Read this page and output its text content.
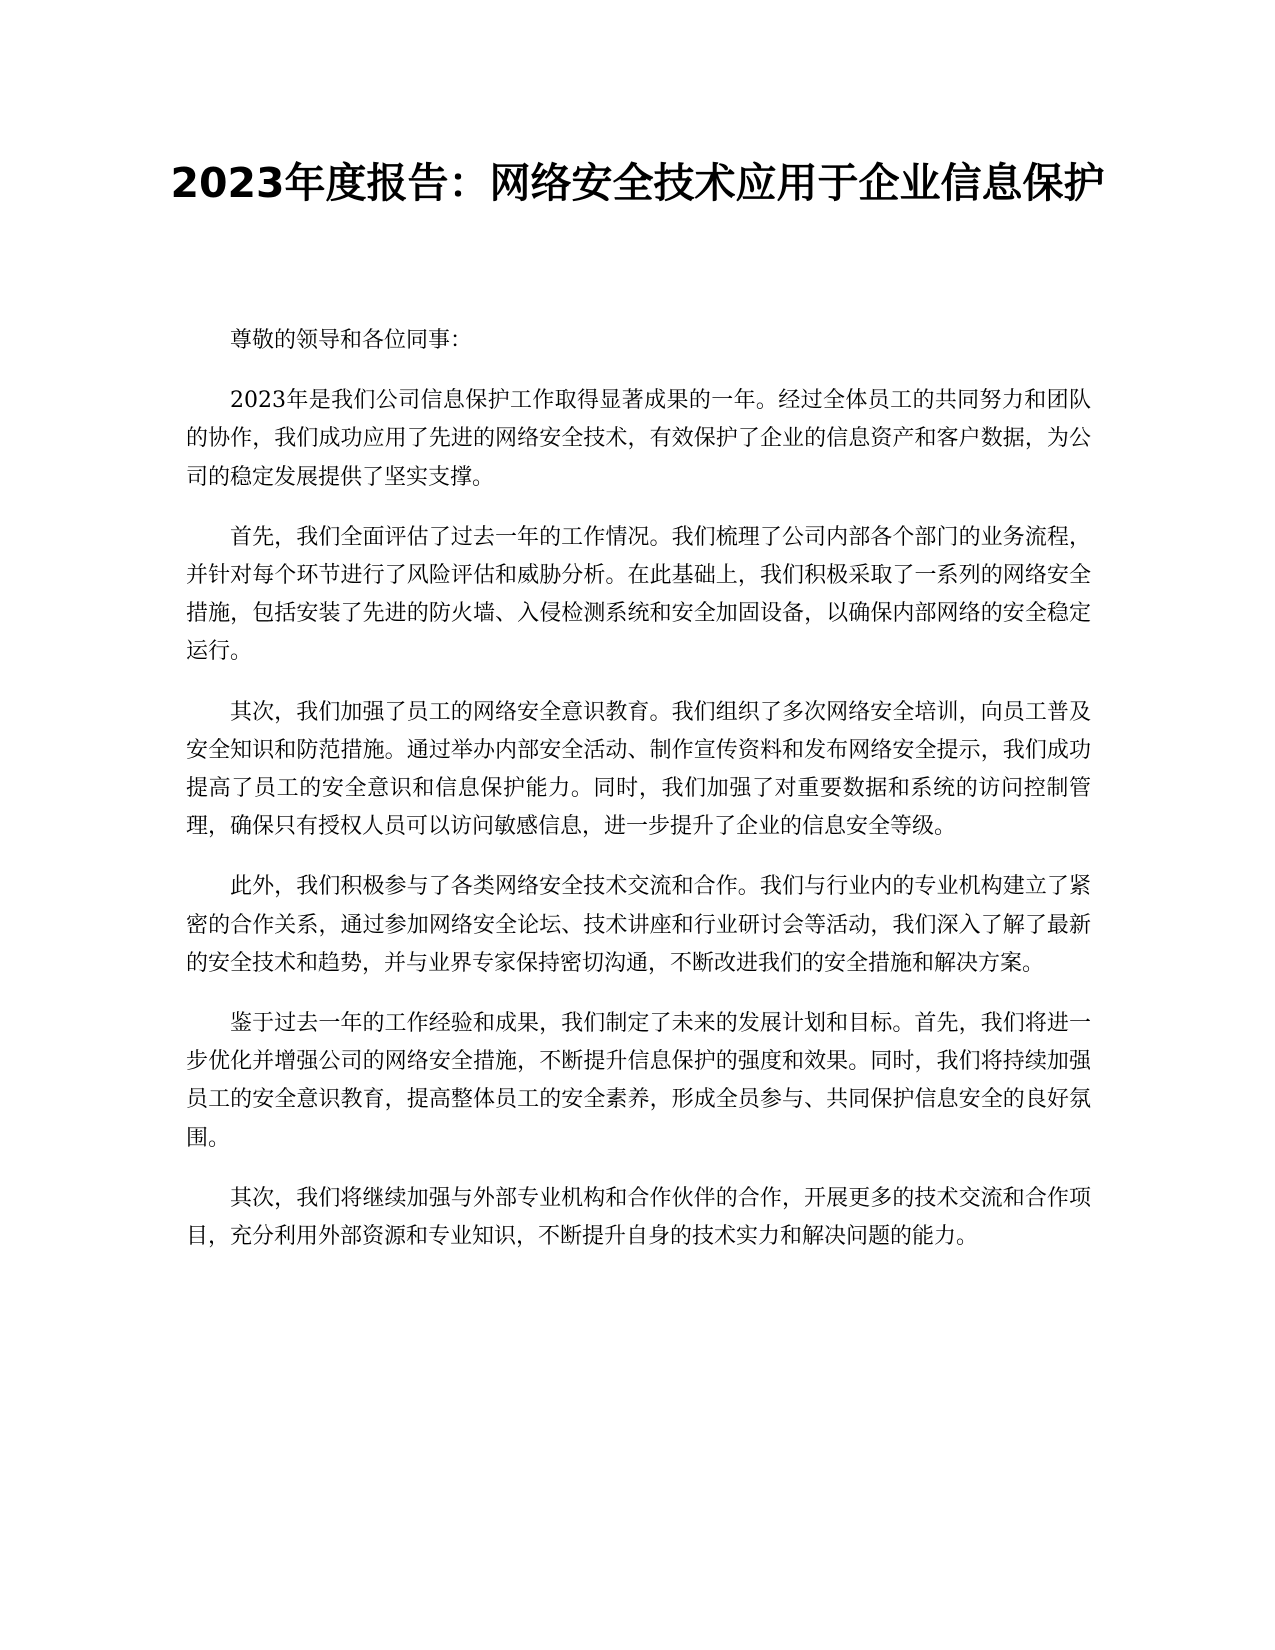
2023年度报告：网络安全技术应用于企业信息保护

尊敬的领导和各位同事：

2023年是我们公司信息保护工作取得显著成果的一年。经过全体员工的共同努力和团队的协作，我们成功应用了先进的网络安全技术，有效保护了企业的信息资产和客户数据，为公司的稳定发展提供了坚实支撑。

首先，我们全面评估了过去一年的工作情况。我们梳理了公司内部各个部门的业务流程，并针对每个环节进行了风险评估和威胁分析。在此基础上，我们积极采取了一系列的网络安全措施，包括安装了先进的防火墙、入侵检测系统和安全加固设备，以确保内部网络的安全稳定运行。

其次，我们加强了员工的网络安全意识教育。我们组织了多次网络安全培训，向员工普及安全知识和防范措施。通过举办内部安全活动、制作宣传资料和发布网络安全提示，我们成功提高了员工的安全意识和信息保护能力。同时，我们加强了对重要数据和系统的访问控制管理，确保只有授权人员可以访问敏感信息，进一步提升了企业的信息安全等级。

此外，我们积极参与了各类网络安全技术交流和合作。我们与行业内的专业机构建立了紧密的合作关系，通过参加网络安全论坛、技术讲座和行业研讨会等活动，我们深入了解了最新的安全技术和趋势，并与业界专家保持密切沟通，不断改进我们的安全措施和解决方案。

鉴于过去一年的工作经验和成果，我们制定了未来的发展计划和目标。首先，我们将进一步优化并增强公司的网络安全措施，不断提升信息保护的强度和效果。同时，我们将持续加强员工的安全意识教育，提高整体员工的安全素养，形成全员参与、共同保护信息安全的良好氛围。

其次，我们将继续加强与外部专业机构和合作伙伴的合作，开展更多的技术交流和合作项目，充分利用外部资源和专业知识，不断提升自身的技术实力和解决问题的能力。
